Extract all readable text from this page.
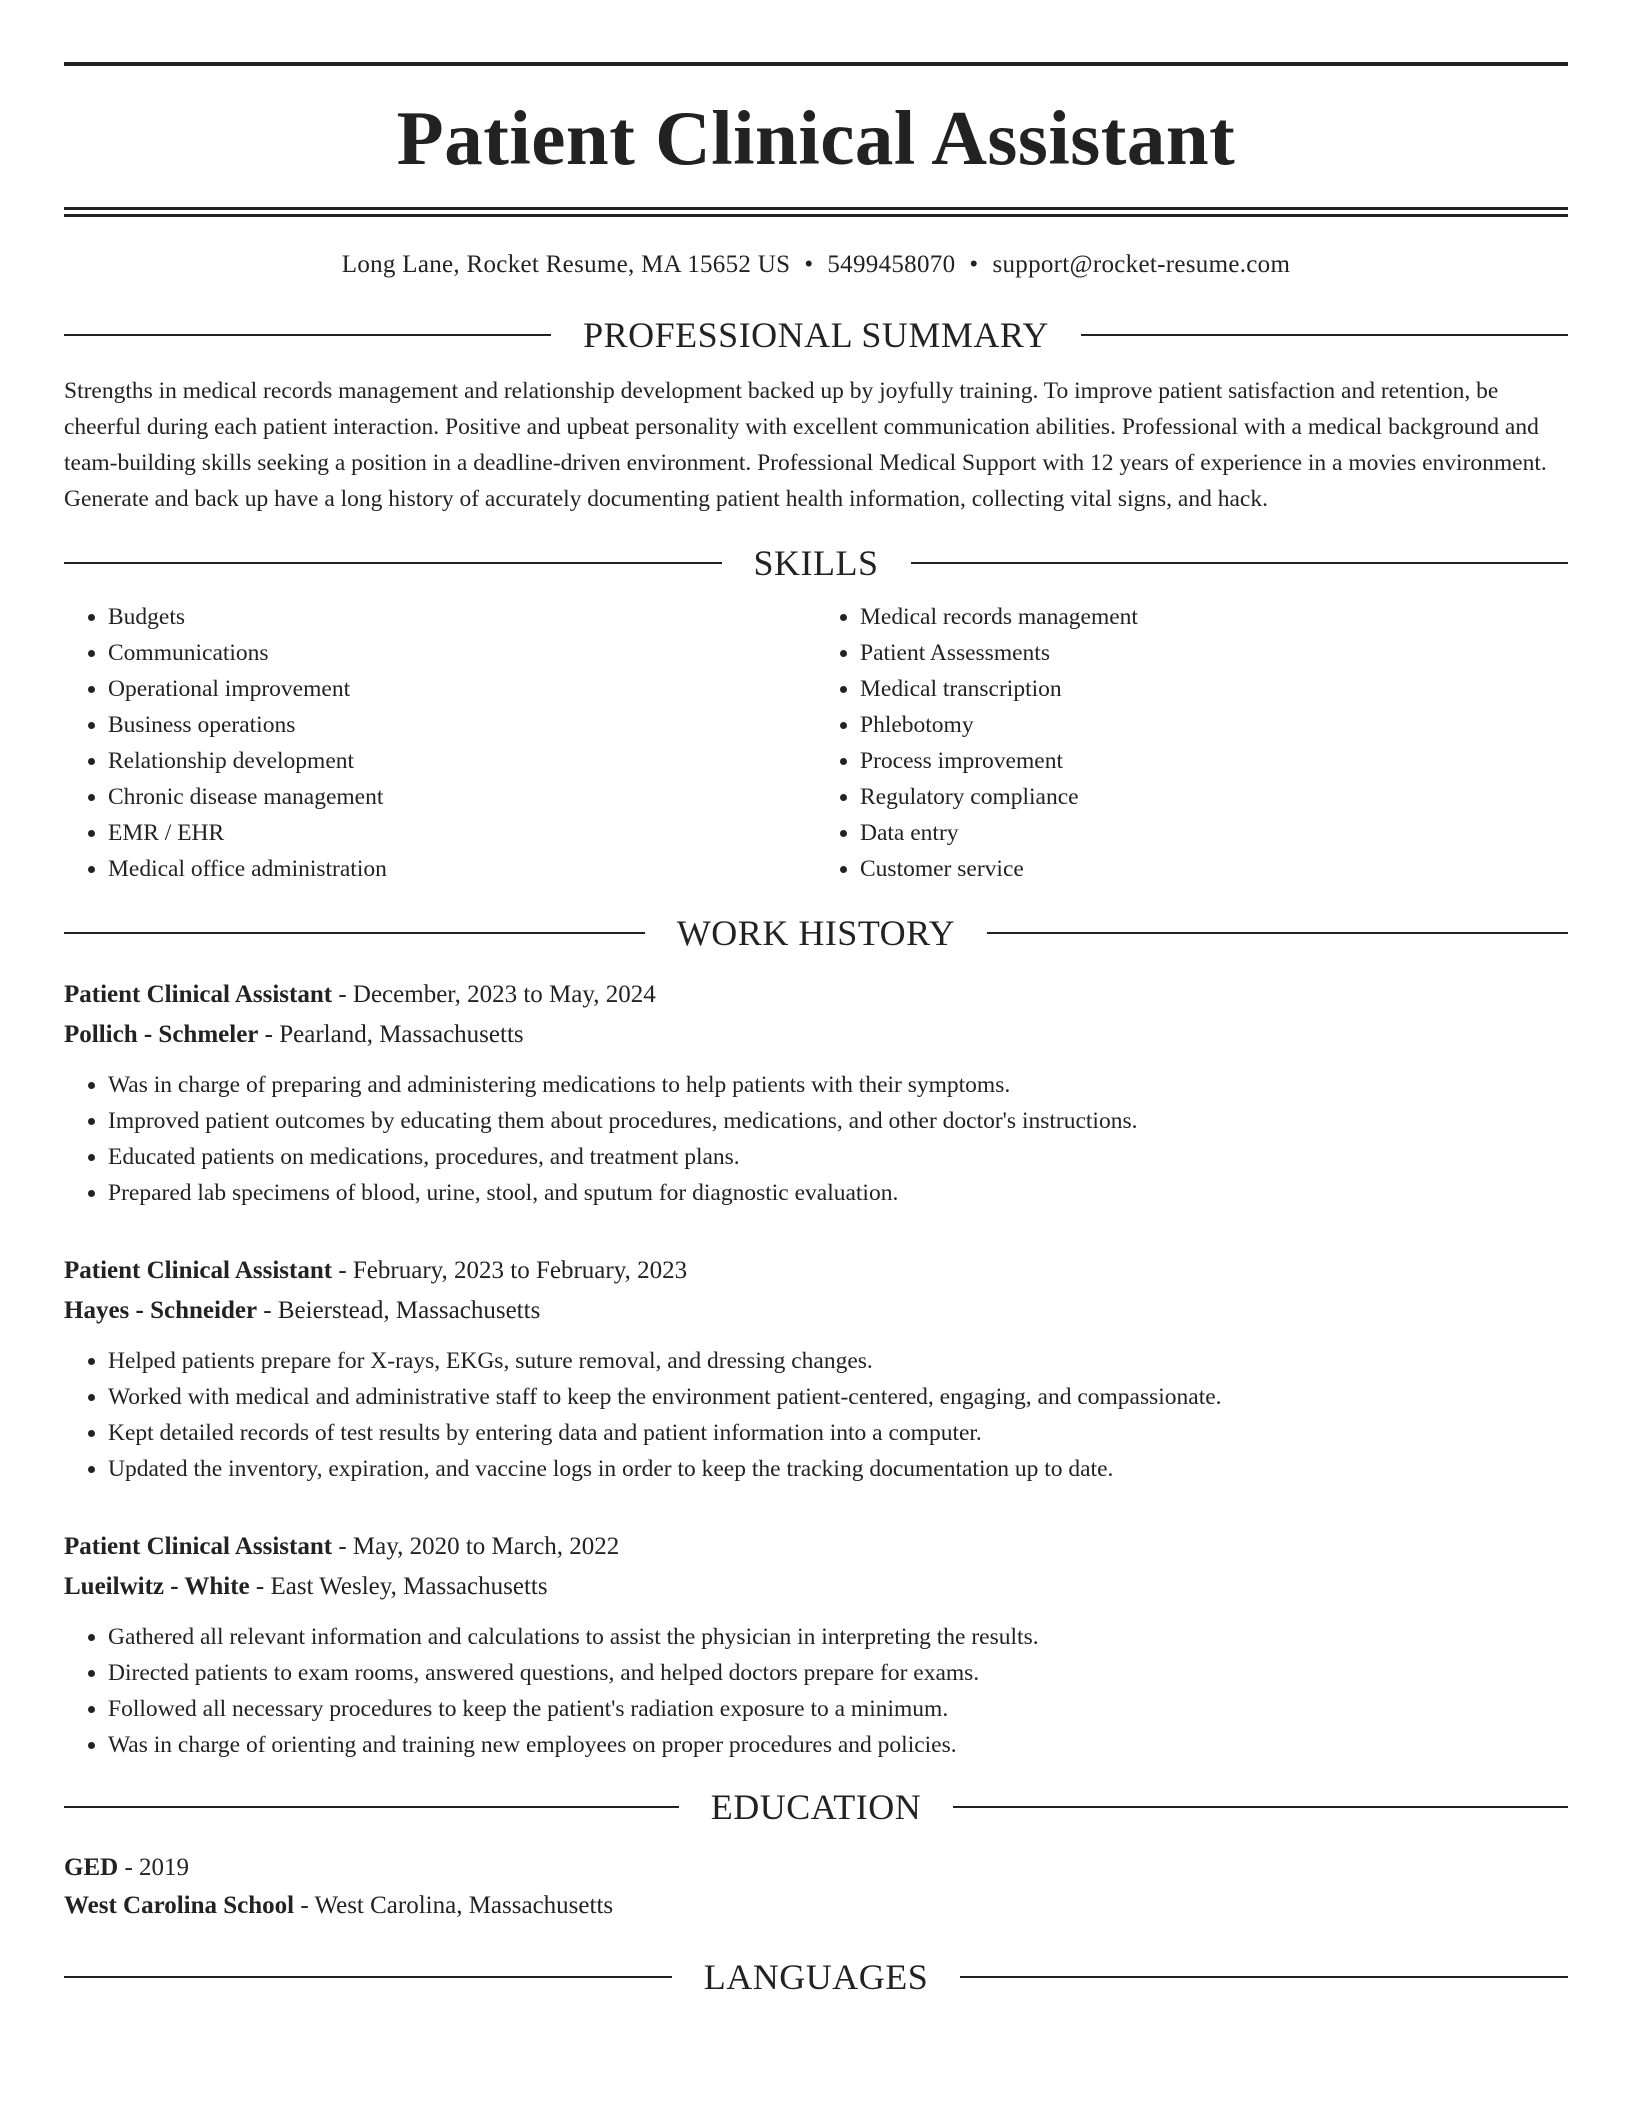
Patient Clinical Assistant
Long Lane, Rocket Resume, MA 15652 US • 5499458070 • support@rocket-resume.com
PROFESSIONAL SUMMARY

Strengths in medical records management and relationship development backed up by joyfully training. To improve patient satisfaction and retention, be cheerful during each patient interaction. Positive and upbeat personality with excellent communication abilities. Professional with a medical background and team-building skills seeking a position in a deadline-driven environment. Professional Medical Support with 12 years of experience in a movies environment. Generate and back up have a long history of accurately documenting patient health information, collecting vital signs, and hack.

SKILLS
• Budgets
• Communications
• Operational improvement
• Business operations
• Relationship development
• Chronic disease management
• EMR / EHR
• Medical office administration
• Medical records management
• Patient Assessments
• Medical transcription
• Phlebotomy
• Process improvement
• Regulatory compliance
• Data entry
• Customer service
WORK HISTORY
Patient Clinical Assistant - December, 2023 to May, 2024
Pollich - Schmeler - Pearland, Massachusetts
• Was in charge of preparing and administering medications to help patients with their symptoms.
• Improved patient outcomes by educating them about procedures, medications, and other doctor's instructions.
• Educated patients on medications, procedures, and treatment plans.
• Prepared lab specimens of blood, urine, stool, and sputum for diagnostic evaluation.
Patient Clinical Assistant - February, 2023 to February, 2023
Hayes - Schneider - Beierstead, Massachusetts
• Helped patients prepare for X-rays, EKGs, suture removal, and dressing changes.
• Worked with medical and administrative staff to keep the environment patient-centered, engaging, and compassionate.
• Kept detailed records of test results by entering data and patient information into a computer.
• Updated the inventory, expiration, and vaccine logs in order to keep the tracking documentation up to date.
Patient Clinical Assistant - May, 2020 to March, 2022
Lueilwitz - White - East Wesley, Massachusetts
• Gathered all relevant information and calculations to assist the physician in interpreting the results.
• Directed patients to exam rooms, answered questions, and helped doctors prepare for exams.
• Followed all necessary procedures to keep the patient's radiation exposure to a minimum.
• Was in charge of orienting and training new employees on proper procedures and policies.
EDUCATION
GED - 2019
West Carolina School - West Carolina, Massachusetts
LANGUAGES
